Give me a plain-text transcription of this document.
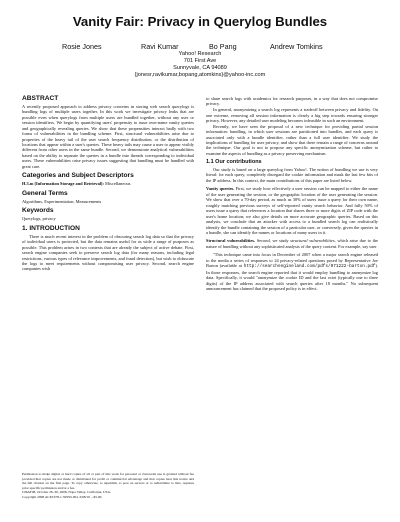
Vanity Fair: Privacy in Querylog Bundles
Rosie Jones	Ravi Kumar	Bo Pang	Andrew Tomkins
Yahoo! Research
701 First Ave
Sunnyvale, CA 94089
{jonesr,ravikumar,bopang,atomkins}@yahoo-inc.com
ABSTRACT

A recently proposed approach to address privacy concerns in storing web search querylogs is bundling logs of multiple users together. In this work we investigate privacy leaks that are possible even when querylogs from multiple users are bundled together, without any user or session identifiers. We begin by quantifying users' propensity to issue own-name vanity queries and geographically revealing queries. We show that these propensities interact badly with two forms of vulnerabilities in the bundling scheme. First, structural vulnerabilities arise due to properties of the heavy tail of the user search frequency distribution, or the distribution of locations that appear within a user's queries. These heavy tails may cause a user to appear visibly different from other users in the same bundle. Second, we demonstrate analytical vulnerabilities based on the ability to separate the queries in a bundle into threads corresponding to individual users. These vulnerabilities raise privacy issues suggesting that bundling must be handled with great care.

Categories and Subject Descriptors

H.3.m [Information Storage and Retrieval]: Miscellaneous

General Terms

Algorithms, Experimentation, Measurements

Keywords

Querylogs, privacy

1. INTRODUCTION

There is much recent interest in the problem of obscuring search log data so that the privacy of individual users is protected, but the data remains useful for as wide a range of purposes as possible. This problem arises in two contexts that are already the subject of active debate. First, search engine companies seek to preserve search log data (for many reasons, including legal restrictions, various types of relevance improvements, and fraud detection), but wish to obfuscate the logs to meet requirements without compromising user privacy. Second, search engine companies wish

Permission to make digital or hard copies of all or part of this work for personal or classroom use is granted without fee provided that copies are not made or distributed for profit or commercial advantage and that copies bear this notice and the full citation on the first page. To copy otherwise, to republish, to post on servers or to redistribute to lists, requires prior specific permission and/or a fee.

CIKM'08, October 26–30, 2008, Napa Valley, California, USA.

Copyright 2008 ACM 978-1-59593-991-3/08/10 ...$5.00.

to share search logs with academics for research purposes, in a way that does not compromise privacy.

In general, anonymizing a search log represents a tradeoff between privacy and fidelity. On one extreme, removing all session information is clearly a big step towards ensuring stronger privacy. However, any detailed user modeling becomes infeasible in such an environment.

Recently, we have seen the proposal of a new technique for providing partial session information: bundling, in which user sessions are partitioned into bundles, and each query is associated only with a bundle identifier, rather than a full user identifier. We study the implications of bundling for user privacy, and show that there remain a range of concerns around the technique. Our goal is not to propose any specific anonymization scheme, but rather to examine the aspects of bundling as a privacy preserving mechanism.

1.1 Our contributions

Our study is based on a large querylog from Yahoo!. The notion of bundling we use is very literal: for each query, completely disregard the cookie information and mask the last few bits of the IP address. In this context, the main contributions of this paper are listed below.

Vanity queries. First, we study how effectively a user session can be mapped to either the name of the user generating the session, or the geographic location of the user generating the session. We show that over a 70-day period, as much as 30% of users issue a query for their own name, roughly matching previous surveys of self-reported vanity search behavior. And fully 50% of users issue a query that references a location that shares three or more digits of ZIP code with the user's home location; we also give details on more accurate geographic queries. Based on this analysis, we conclude that an attacker with access to a bundled search log can realistically identify the bundle containing the session of a particular user, or conversely, given the queries in a bundle, she can identify the names or locations of many users in it.

Structural vulnerabilities. Second, we study structural vulnerabilities, which arise due to the nature of bundling without any sophisticated analysis of the query content. For example, say user

"This technique came into focus in December of 2007 when a major search engine released to the media a series of responses to 24 privacy-related questions posed by Representative Joe Barton (available at http://searchengineland.com/pdfs/071222-barton.pdf). In those responses, the search engine reported that it would employ bundling to anonymize log data. Specifically, it would "anonymize the cookie ID and the last octet (typically one to three digits) of the IP address associated with search queries after 18 months." No subsequent announcement has claimed that the proposed policy is in effect.
